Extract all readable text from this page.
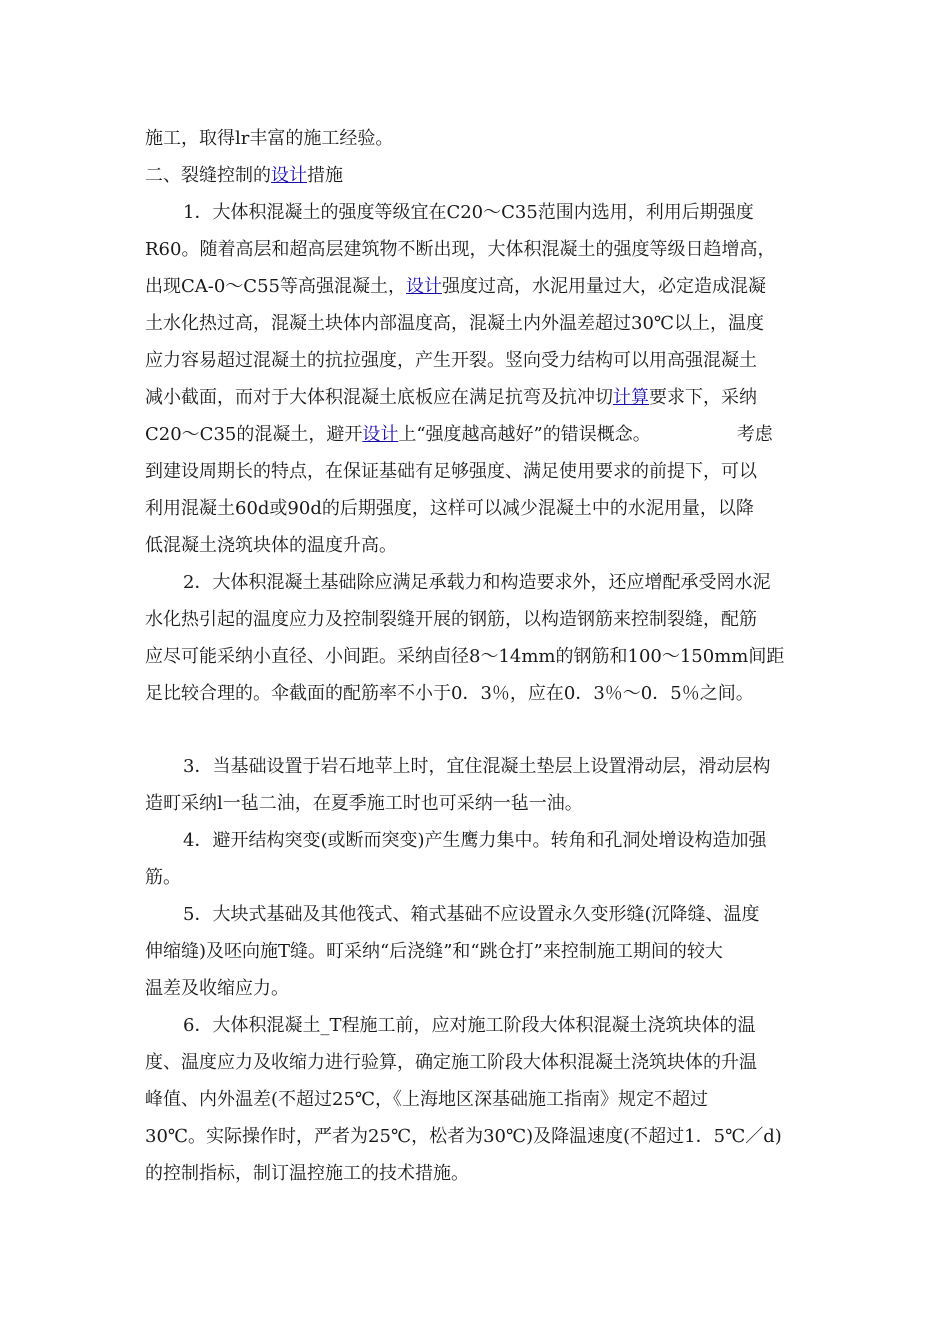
施工，取得lr丰富的施工经验。
二、裂缝控制的设计措施
1．大体积混凝土的强度等级宜在C20～C35范围内选用，利用后期强度
R60。随着高层和超高层建筑物不断出现，大体积混凝土的强度等级日趋增高，
出现CA-0～C55等高强混凝土，设计强度过高，水泥用量过大，必定造成混凝
土水化热过高，混凝土块体内部温度高，混凝土内外温差超过30℃以上，温度
应力容易超过混凝土的抗拉强度，产生开裂。竖向受力结构可以用高强混凝土
减小截面，而对于大体积混凝土底板应在满足抗弯及抗冲切计算要求下，采纳
C20～C35的混凝土，避开设计上“强度越高越好”的错误概念。	考虑
到建设周期长的特点，在保证基础有足够强度、满足使用要求的前提下，可以
利用混凝土60d或90d的后期强度，这样可以减少混凝土中的水泥用量，以降
低混凝土浇筑块体的温度升高。
2．大体积混凝土基础除应满足承载力和构造要求外，还应增配承受罔水泥
水化热引起的温度应力及控制裂缝开展的钢筋，以构造钢筋来控制裂缝，配筋
应尽可能采纳小直径、小间距。采纳卣径8～14mm的钢筋和100～150mm间距
足比较合理的。伞截面的配筋率不小于0．3％，应在0．3％～0．5％之间。
3．当基础设置于岩石地苹上时，宜住混凝土垫层上设置滑动层，滑动层构
造町采纳l一毡二油，在夏季施工时也可采纳一毡一油。
4．避开结构突变(或断而突变)产生鹰力集中。转角和孔洞处增设构造加强
筋。
5．大块式基础及其他筏式、箱式基础不应设置永久变形缝(沉降缝、温度
伸缩缝)及呸向施T缝。町采纳“后浇缝”和“跳仓打”来控制施工期间的较大
温差及收缩应力。
6．大体积混凝土_T程施工前，应对施工阶段大体积混凝土浇筑块体的温
度、温度应力及收缩力进行验算，确定施工阶段大体积混凝土浇筑块体的升温
峰值、内外温差(不超过25℃，《上海地区深基础施工指南》规定不超过
30℃。实际操作时，严者为25℃，松者为30℃)及降温速度(不超过1．5℃／d)
的控制指标，制订温控施工的技术措施。
